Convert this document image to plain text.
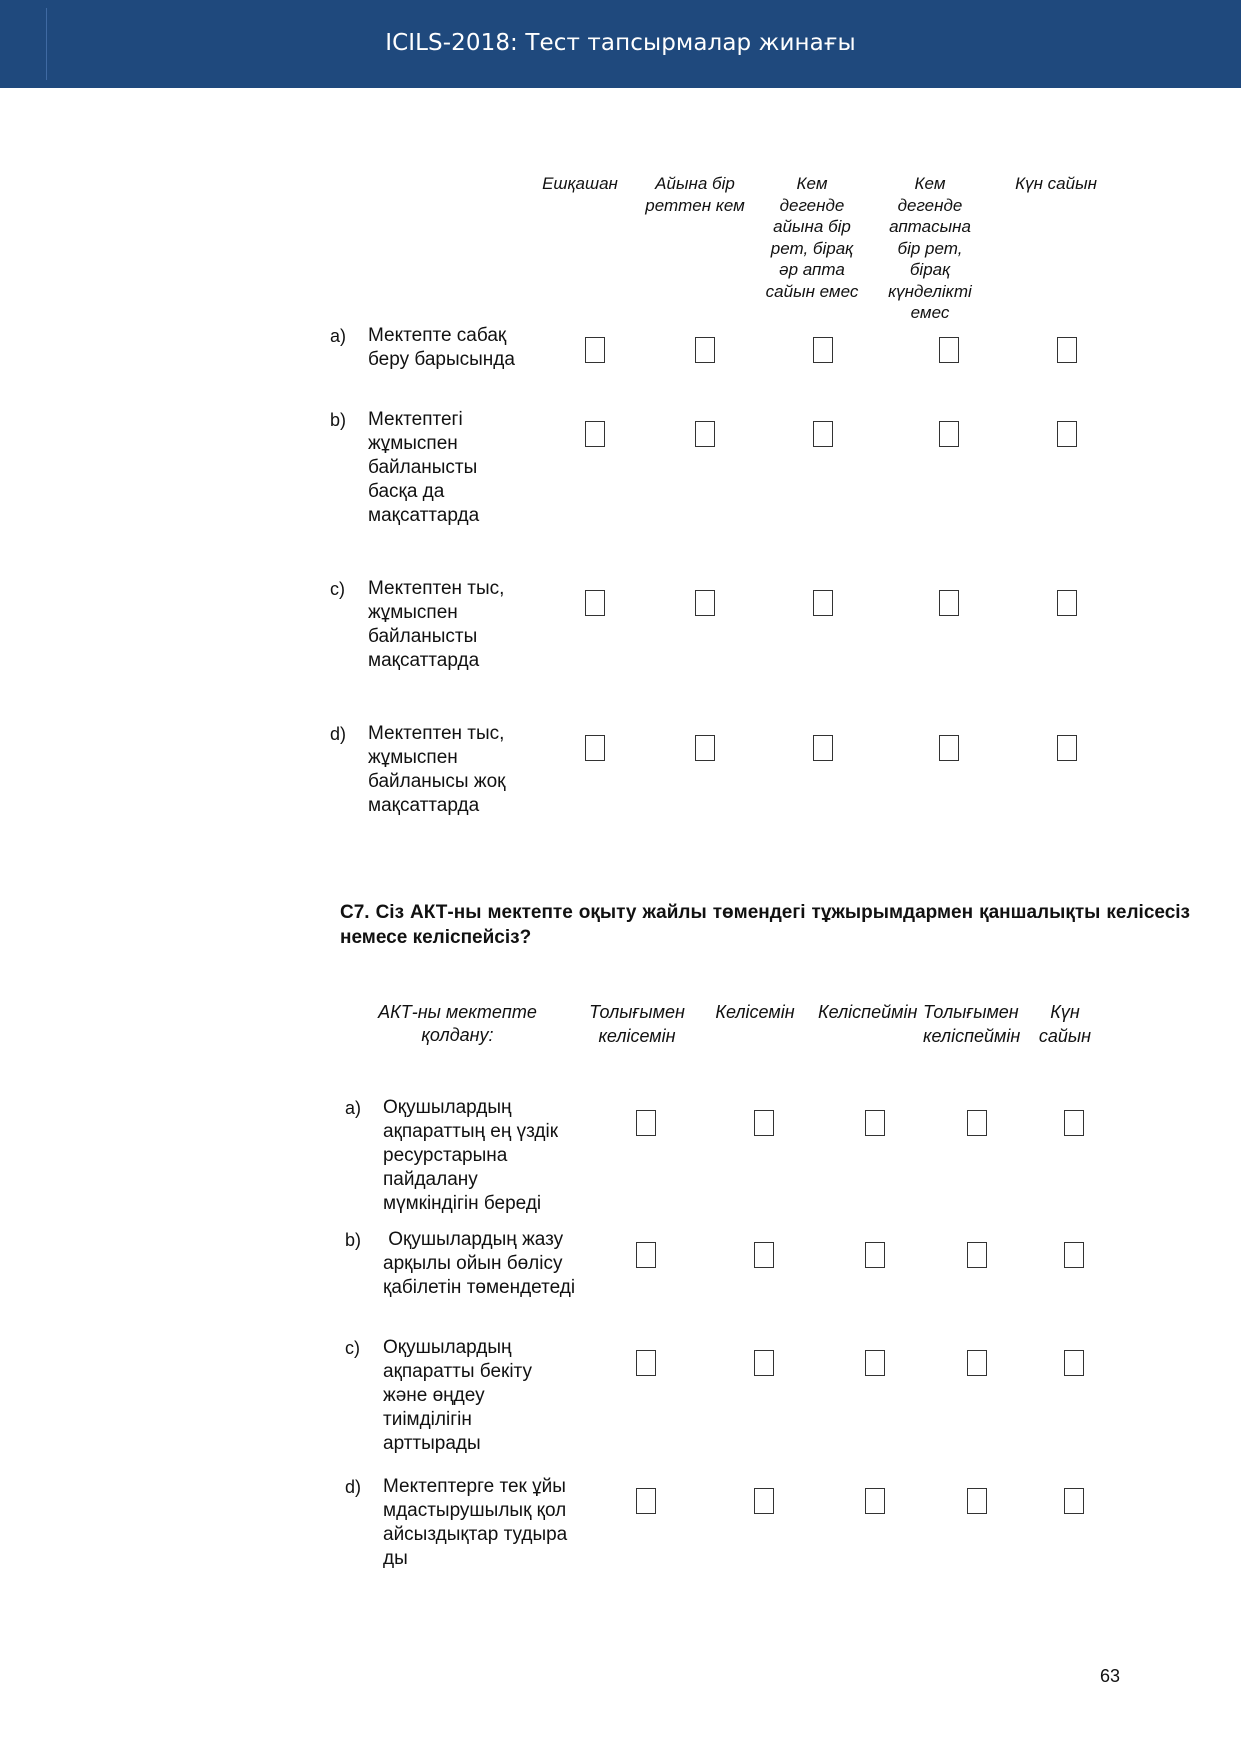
ICILS-2018: Тест тапсырмалар жинағы
Ешқашан	Айына бір реттен кем
Кем дегенде айына бір рет, бірақ әр апта сайын емес
Кем дегенде аптасына бір рет, бірақ күнделікті емес
Күн сайын
a) Мектепте сабақ беру барысында
b) Мектептегі жұмыспен байланысты басқа да мақсаттарда
c) Мектептен тыс, жұмыспен байланысты мақсаттарда
d) Мектептен тыс, жұмыспен байланысы жоқ мақсаттарда
C7. Сіз АКТ-ны мектепте оқыту жайлы төмендегі тұжырымдармен қаншалықты келісесіз немесе келіспейсіз?
АКТ-ны мектепте қолдану:
Толығымен келісемін
Келісемін	Келіспеймін Толығымен келіспеймін
Күн сайын
a) Оқушылардың ақпараттың ең үздік ресурстарына пайдалану мүмкіндігін береді
b) Оқушылардың жазу арқылы ойын бөлісу  қабілетін төмендетеді
c) Оқушылардың ақпаратты бекіту және өңдеу тиімділігін арттырады
d) Мектептерге тек ұйымдастырушылық қолайсыздықтар тудырады
63
